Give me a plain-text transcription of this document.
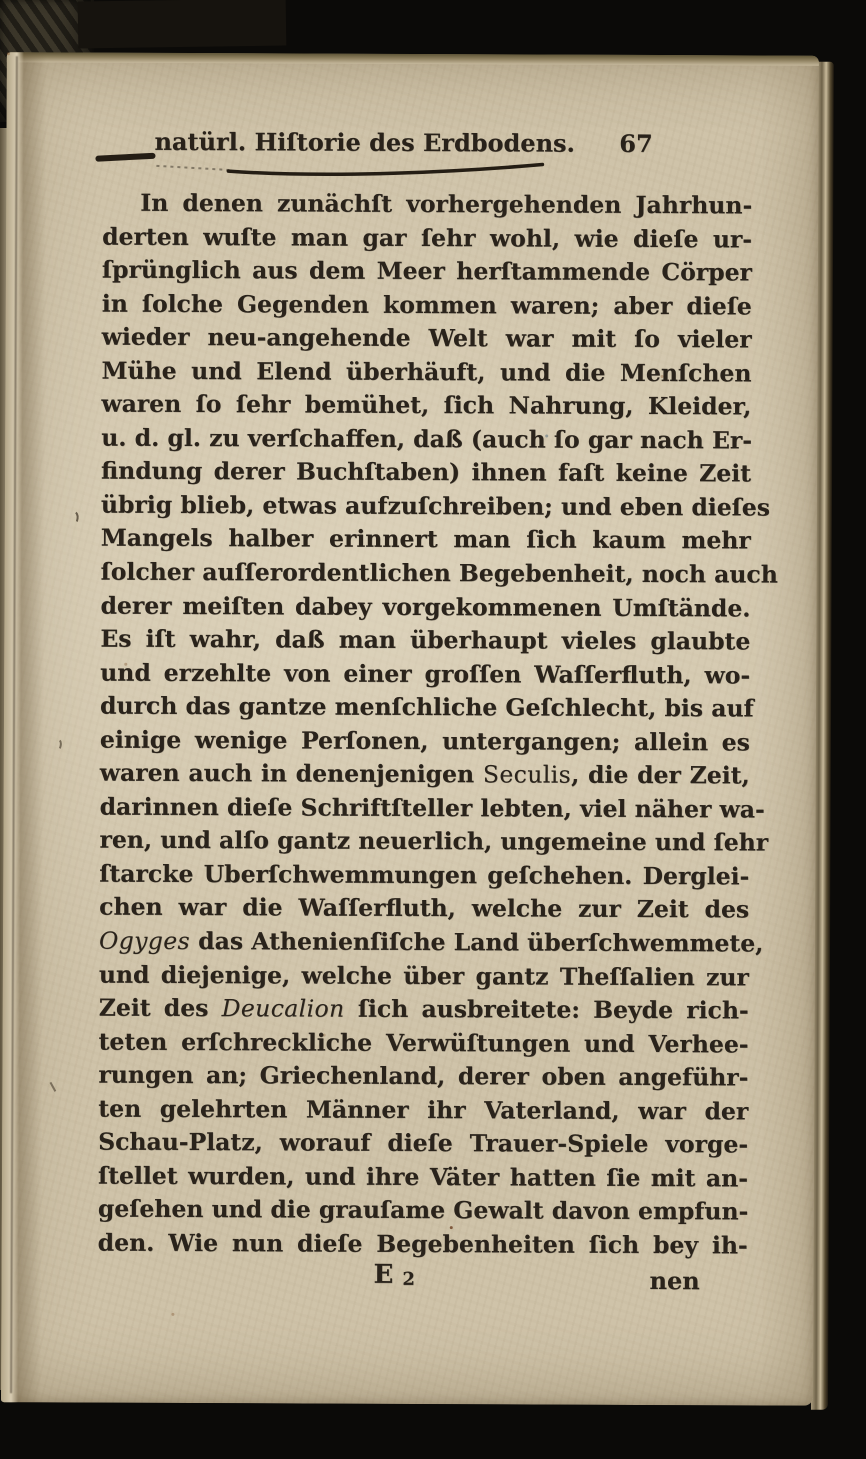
natürl. Hiſtorie des Erdbodens. 67
In denen zunächſt vorhergehenden Jahrhun-
derten wuſte man gar ſehr wohl, wie dieſe ur-
ſprünglich aus dem Meer herſtammende Cörper
in ſolche Gegenden kommen waren; aber dieſe
wieder neu-angehende Welt war mit ſo vieler
Mühe und Elend überhäuft, und die Menſchen
waren ſo ſehr bemühet, ſich Nahrung, Kleider,
u. d. gl. zu verſchaffen, daß (auch ſo gar nach Er-
findung derer Buchſtaben) ihnen faſt keine Zeit
übrig blieb, etwas aufzuſchreiben; und eben dieſes
Mangels halber erinnert man ſich kaum mehr
ſolcher auſſerordentlichen Begebenheit, noch auch
derer meiſten dabey vorgekommenen Umſtände.
Es iſt wahr, daß man überhaupt vieles glaubte
und erzehlte von einer groſſen Waſſerfluth, wo-
durch das gantze menſchliche Geſchlecht, bis auf
einige wenige Perſonen, untergangen; allein es
waren auch in denenjenigen Seculis, die der Zeit,
darinnen dieſe Schriftſteller lebten, viel näher wa-
ren, und alſo gantz neuerlich, ungemeine und ſehr
ſtarcke Uberſchwemmungen geſchehen. Derglei-
chen war die Waſſerfluth, welche zur Zeit des
Ogyges das Athenienſiſche Land überſchwemmete,
und diejenige, welche über gantz Theſſalien zur
Zeit des Deucalion ſich ausbreitete: Beyde rich-
teten erſchreckliche Verwüſtungen und Verhee-
rungen an; Griechenland, derer oben angeführ-
ten gelehrten Männer ihr Vaterland, war der
Schau-Platz, worauf dieſe Trauer-Spiele vorge-
ſtellet wurden, und ihre Väter hatten ſie mit an-
geſehen und die grauſame Gewalt davon empfun-
den. Wie nun dieſe Begebenheiten ſich bey ih-
E 2	nen
